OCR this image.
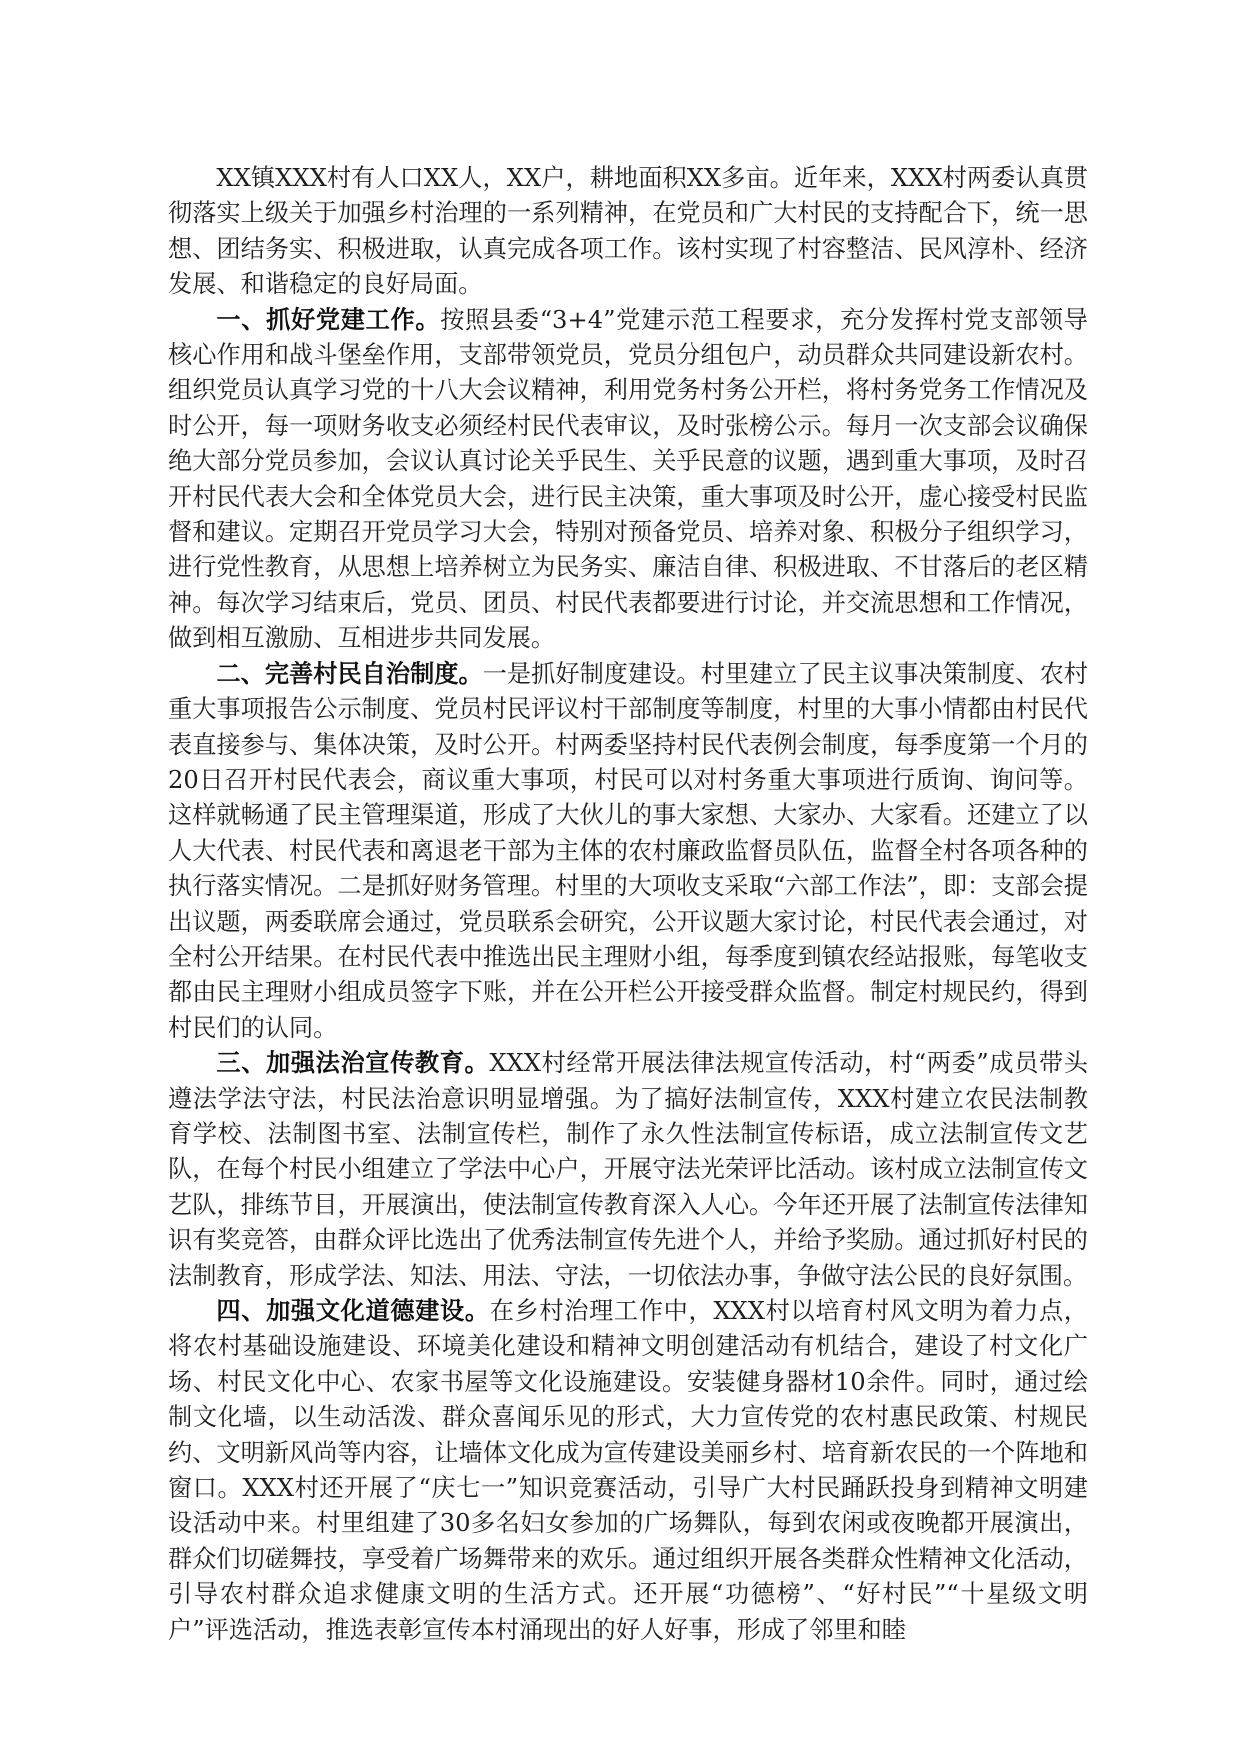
XX镇XXX村有人口XX人，XX户，耕地面积XX多亩。近年来，XXX村两委认真贯彻落实上级关于加强乡村治理的一系列精神，在党员和广大村民的支持配合下，统一思想、团结务实、积极进取，认真完成各项工作。该村实现了村容整洁、民风淳朴、经济发展、和谐稳定的良好局面。

一、抓好党建工作。按照县委“3+4”党建示范工程要求，充分发挥村党支部领导核心作用和战斗堡垒作用，支部带领党员，党员分组包户，动员群众共同建设新农村。组织党员认真学习党的十八大会议精神，利用党务村务公开栏，将村务党务工作情况及时公开，每一项财务收支必须经村民代表审议，及时张榜公示。每月一次支部会议确保绝大部分党员参加，会议认真讨论关乎民生、关乎民意的议题，遇到重大事项，及时召开村民代表大会和全体党员大会，进行民主决策，重大事项及时公开，虚心接受村民监督和建议。定期召开党员学习大会，特别对预备党员、培养对象、积极分子组织学习，进行党性教育，从思想上培养树立为民务实、廉洁自律、积极进取、不甘落后的老区精神。每次学习结束后，党员、团员、村民代表都要进行讨论，并交流思想和工作情况，做到相互激励、互相进步共同发展。

二、完善村民自治制度。一是抓好制度建设。村里建立了民主议事决策制度、农村重大事项报告公示制度、党员村民评议村干部制度等制度，村里的大事小情都由村民代表直接参与、集体决策，及时公开。村两委坚持村民代表例会制度，每季度第一个月的20日召开村民代表会，商议重大事项，村民可以对村务重大事项进行质询、询问等。这样就畅通了民主管理渠道，形成了大伙儿的事大家想、大家办、大家看。还建立了以人大代表、村民代表和离退老干部为主体的农村廉政监督员队伍，监督全村各项各种的执行落实情况。二是抓好财务管理。村里的大项收支采取“六部工作法”，即：支部会提出议题，两委联席会通过，党员联系会研究，公开议题大家讨论，村民代表会通过，对全村公开结果。在村民代表中推选出民主理财小组，每季度到镇农经站报账，每笔收支都由民主理财小组成员签字下账，并在公开栏公开接受群众监督。制定村规民约，得到村民们的认同。

三、加强法治宣传教育。XXX村经常开展法律法规宣传活动，村“两委”成员带头遵法学法守法，村民法治意识明显增强。为了搞好法制宣传，XXX村建立农民法制教育学校、法制图书室、法制宣传栏，制作了永久性法制宣传标语，成立法制宣传文艺队，在每个村民小组建立了学法中心户，开展守法光荣评比活动。该村成立法制宣传文艺队，排练节目，开展演出，使法制宣传教育深入人心。今年还开展了法制宣传法律知识有奖竞答，由群众评比选出了优秀法制宣传先进个人，并给予奖励。通过抓好村民的法制教育，形成学法、知法、用法、守法，一切依法办事，争做守法公民的良好氛围。

四、加强文化道德建设。在乡村治理工作中，XXX村以培育村风文明为着力点，将农村基础设施建设、环境美化建设和精神文明创建活动有机结合，建设了村文化广场、村民文化中心、农家书屋等文化设施建设。安装健身器材10余件。同时，通过绘制文化墙，以生动活泼、群众喜闻乐见的形式，大力宣传党的农村惠民政策、村规民约、文明新风尚等内容，让墙体文化成为宣传建设美丽乡村、培育新农民的一个阵地和窗口。XXX村还开展了“庆七一”知识竞赛活动，引导广大村民踊跃投身到精神文明建设活动中来。村里组建了30多名妇女参加的广场舞队，每到农闲或夜晚都开展演出，群众们切磋舞技，享受着广场舞带来的欢乐。通过组织开展各类群众性精神文化活动，引导农村群众追求健康文明的生活方式。还开展“功德榜”、“好村民”“十星级文明户”评选活动，推选表彰宣传本村涌现出的好人好事，形成了邻里和睦
